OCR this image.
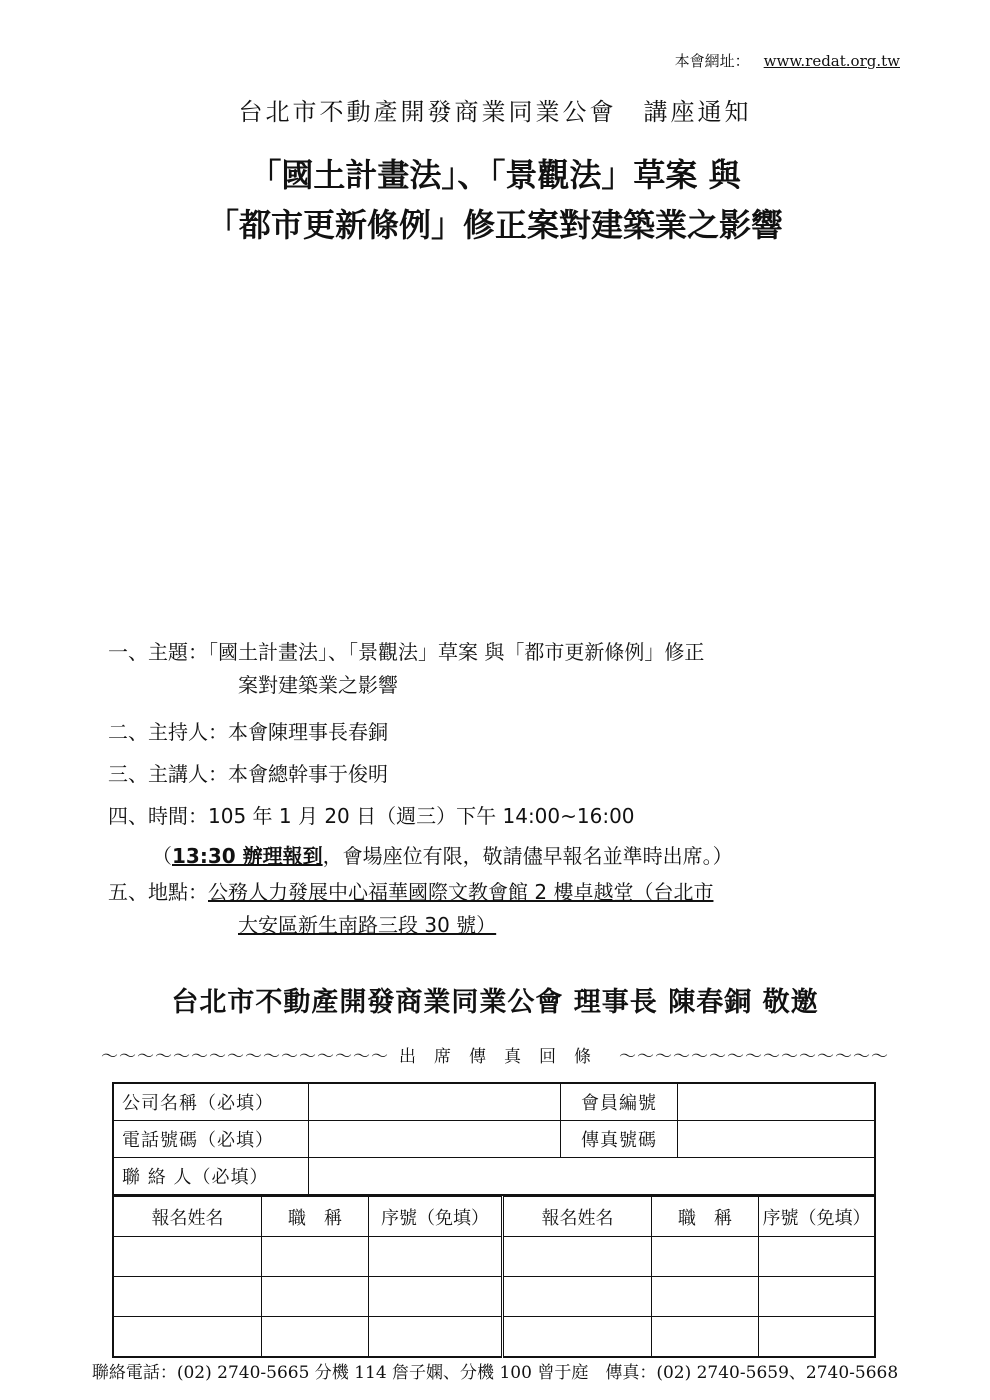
本會網址： www.redat.org.tw
台北市不動產開發商業同業公會　講座通知
「國土計畫法」、「景觀法」草案 與
「都市更新條例」修正案對建築業之影響
一、主題：「國土計畫法」、「景觀法」草案 與「都市更新條例」修正
案對建築業之影響
二、主持人：本會陳理事長春銅
三、主講人：本會總幹事于俊明
四、時間：105 年 1 月 20 日（週三）下午 14:00~16:00
（13:30 辦理報到，會場座位有限，敬請儘早報名並準時出席。）
五、地點：公務人力發展中心福華國際文教會館 2 樓卓越堂（台北市
大安區新生南路三段 30 號）
台北市不動產開發商業同業公會 理事長 陳春銅 敬邀
～～～～～～～～～～～～～～～～ 出席傳真回條 ～～～～～～～～～～～～～～～
公司名稱（必填）		會員編號	
電話號碼（必填）		傳真號碼	
聯 絡 人（必填）			
報名姓名	職　稱	序號（免填）	報名姓名	職　稱	序號（免填）

聯絡電話：(02) 2740-5665 分機 114 詹子嫻、分機 100 曾于庭　傳真：(02) 2740-5659、2740-5668
